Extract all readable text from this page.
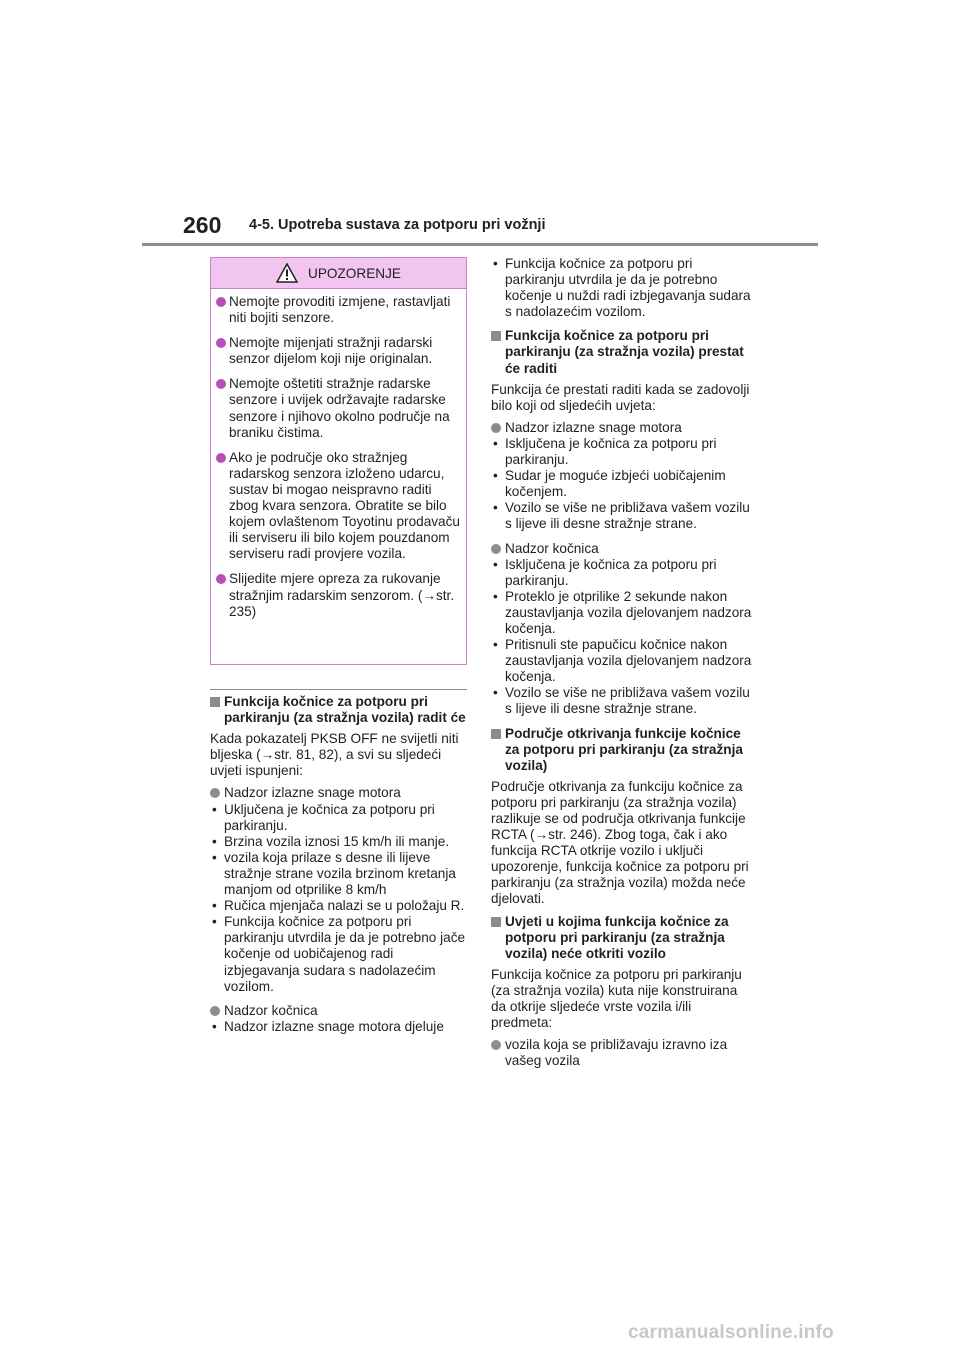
260 4-5. Upotreba sustava za potporu pri vožnji
UPOZORENJE
Nemojte provoditi izmjene, rastavljati niti bojiti senzore.
Nemojte mijenjati stražnji radarski senzor dijelom koji nije originalan.
Nemojte oštetiti stražnje radarske senzore i uvijek održavajte radarske senzore i njihovo okolno područje na braniku čistima.
Ako je područje oko stražnjeg radarskog senzora izloženo udarcu, sustav bi mogao neispravno raditi zbog kvara senzora. Obratite se bilo kojem ovlaštenom Toyotinu prodavaču ili serviseru ili bilo kojem pouzdanom serviseru radi provjere vozila.
Slijedite mjere opreza za rukovanje stražnjim radarskim senzorom. (→str. 235)
Funkcija kočnice za potporu pri parkiranju (za stražnja vozila) radit će
Kada pokazatelj PKSB OFF ne svijetli niti bljeska (→str. 81, 82), a svi su sljedeći uvjeti ispunjeni:
Nadzor izlazne snage motora
• Uključena je kočnica za potporu pri parkiranju.
• Brzina vozila iznosi 15 km/h ili manje.
• vozila koja prilaze s desne ili lijeve stražnje strane vozila brzinom kretanja manjom od otprilike 8 km/h
• Ručica mjenjača nalazi se u položaju R.
• Funkcija kočnice za potporu pri parkiranju utvrdila je da je potrebno jače kočenje od uobičajenog radi izbjegavanja sudara s nadolazećim vozilom.
Nadzor kočnica
• Nadzor izlazne snage motora djeluje
• Funkcija kočnice za potporu pri parkiranju utvrdila je da je potrebno kočenje u nuždi radi izbjegavanja sudara s nadolazećim vozilom.
Funkcija kočnice za potporu pri parkiranju (za stražnja vozila) prestat će raditi
Funkcija će prestati raditi kada se zadovolji bilo koji od sljedećih uvjeta:
Nadzor izlazne snage motora
• Isključena je kočnica za potporu pri parkiranju.
• Sudar je moguće izbjeći uobičajenim kočenjem.
• Vozilo se više ne približava vašem vozilu s lijeve ili desne stražnje strane.
Nadzor kočnica
• Isključena je kočnica za potporu pri parkiranju.
• Proteklo je otprilike 2 sekunde nakon zaustavljanja vozila djelovanjem nadzora kočenja.
• Pritisnuli ste papučicu kočnice nakon zaustavljanja vozila djelovanjem nadzora kočenja.
• Vozilo se više ne približava vašem vozilu s lijeve ili desne stražnje strane.
Područje otkrivanja funkcije kočnice za potporu pri parkiranju (za stražnja vozila)
Područje otkrivanja za funkciju kočnice za potporu pri parkiranju (za stražnja vozila) razlikuje se od područja otkrivanja funkcije RCTA (→str. 246). Zbog toga, čak i ako funkcija RCTA otkrije vozilo i uključi upozorenje, funkcija kočnice za potporu pri parkiranju (za stražnja vozila) možda neće djelovati.
Uvjeti u kojima funkcija kočnice za potporu pri parkiranju (za stražnja vozila) neće otkriti vozilo
Funkcija kočnice za potporu pri parkiranju (za stražnja vozila) kuta nije konstruirana da otkrije sljedeće vrste vozila i/ili predmeta:
vozila koja se približavaju izravno iza vašeg vozila
carmanualsonline.info
